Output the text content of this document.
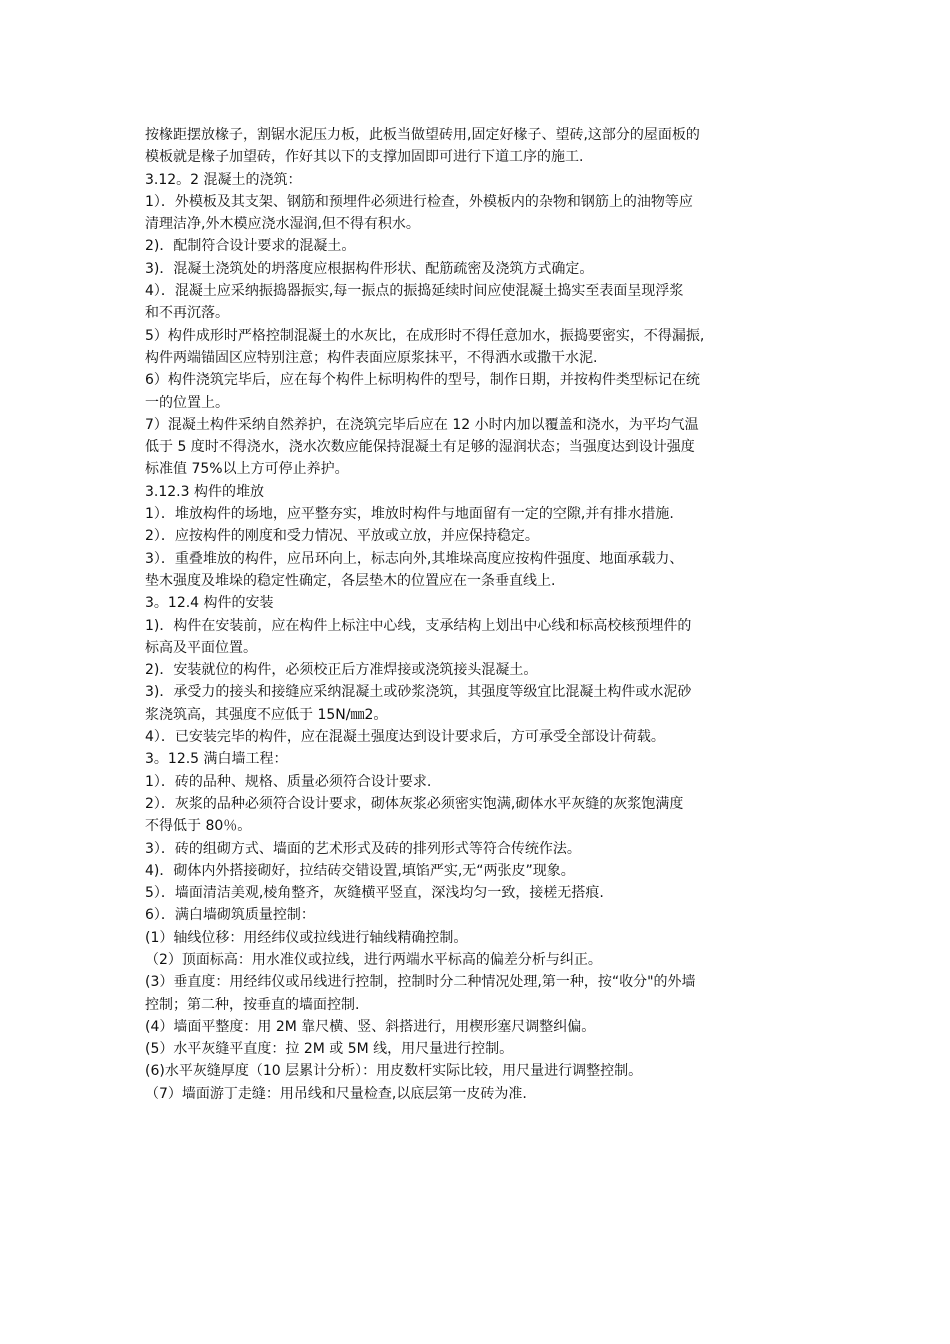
按椽距摆放椽子，割锯水泥压力板，此板当做望砖用,固定好椽子、望砖,这部分的屋面板的
模板就是椽子加望砖，作好其以下的支撑加固即可进行下道工序的施工.
3.12。2 混凝土的浇筑：
1）．外模板及其支架、钢筋和预埋件必须进行检查，外模板内的杂物和钢筋上的油物等应
清理洁净,外木模应浇水湿润,但不得有积水。
2)．配制符合设计要求的混凝土。
3)．混凝土浇筑处的坍落度应根据构件形状、配筋疏密及浇筑方式确定。
4）．混凝土应采纳振捣器振实,每一振点的振捣延续时间应使混凝土捣实至表面呈现浮浆
和不再沉落。
5）构件成形时严格控制混凝土的水灰比，在成形时不得任意加水，振捣要密实，不得漏振,
构件两端锚固区应特别注意；构件表面应原浆抹平，不得洒水或撒干水泥.
6）构件浇筑完毕后，应在每个构件上标明构件的型号，制作日期，并按构件类型标记在统
一的位置上。
7）混凝土构件采纳自然养护，在浇筑完毕后应在 12 小时内加以覆盖和浇水，为平均气温
低于 5 度时不得浇水，浇水次数应能保持混凝土有足够的湿润状态；当强度达到设计强度
标准值 75%以上方可停止养护。
3.12.3 构件的堆放
1）．堆放构件的场地，应平整夯实，堆放时构件与地面留有一定的空隙,并有排水措施.
2）．应按构件的刚度和受力情况、平放或立放，并应保持稳定。
3）．重叠堆放的构件，应吊环向上，标志向外,其堆垛高度应按构件强度、地面承载力、
垫木强度及堆垛的稳定性确定，各层垫木的位置应在一条垂直线上.
3。12.4 构件的安装
1)．构件在安装前，应在构件上标注中心线，支承结构上划出中心线和标高校核预埋件的
标高及平面位置。
2)．安装就位的构件，必须校正后方准焊接或浇筑接头混凝土。
3)．承受力的接头和接缝应采纳混凝土或砂浆浇筑，其强度等级宜比混凝土构件或水泥砂
浆浇筑高，其强度不应低于 15N/㎜2。
4）．已安装完毕的构件，应在混凝土强度达到设计要求后，方可承受全部设计荷载。
3。12.5 满白墙工程：
1）．砖的品种、规格、质量必须符合设计要求.
2）．灰浆的品种必须符合设计要求，砌体灰浆必须密实饱满,砌体水平灰缝的灰浆饱满度
不得低于 80％。
3）．砖的组砌方式、墙面的艺术形式及砖的排列形式等符合传统作法。
4)．砌体内外搭接砌好，拉结砖交错设置,填馅严实,无“两张皮”现象。
5）．墙面清洁美观,棱角整齐，灰缝横平竖直，深浅均匀一致，接槎无搭痕.
6）．满白墙砌筑质量控制：
(1）轴线位移：用经纬仪或拉线进行轴线精确控制。
（2）顶面标高：用水准仪或拉线，进行两端水平标高的偏差分析与纠正。
(3）垂直度：用经纬仪或吊线进行控制，控制时分二种情况处理,第一种，按“收分"的外墙
控制；第二种，按垂直的墙面控制.
(4）墙面平整度：用 2M 靠尺横、竖、斜搭进行，用楔形塞尺调整纠偏。
(5）水平灰缝平直度：拉 2M 或 5M 线，用尺量进行控制。
(6)水平灰缝厚度（10 层累计分析）：用皮数杆实际比较，用尺量进行调整控制。
（7）墙面游丁走缝：用吊线和尺量检查,以底层第一皮砖为准.
